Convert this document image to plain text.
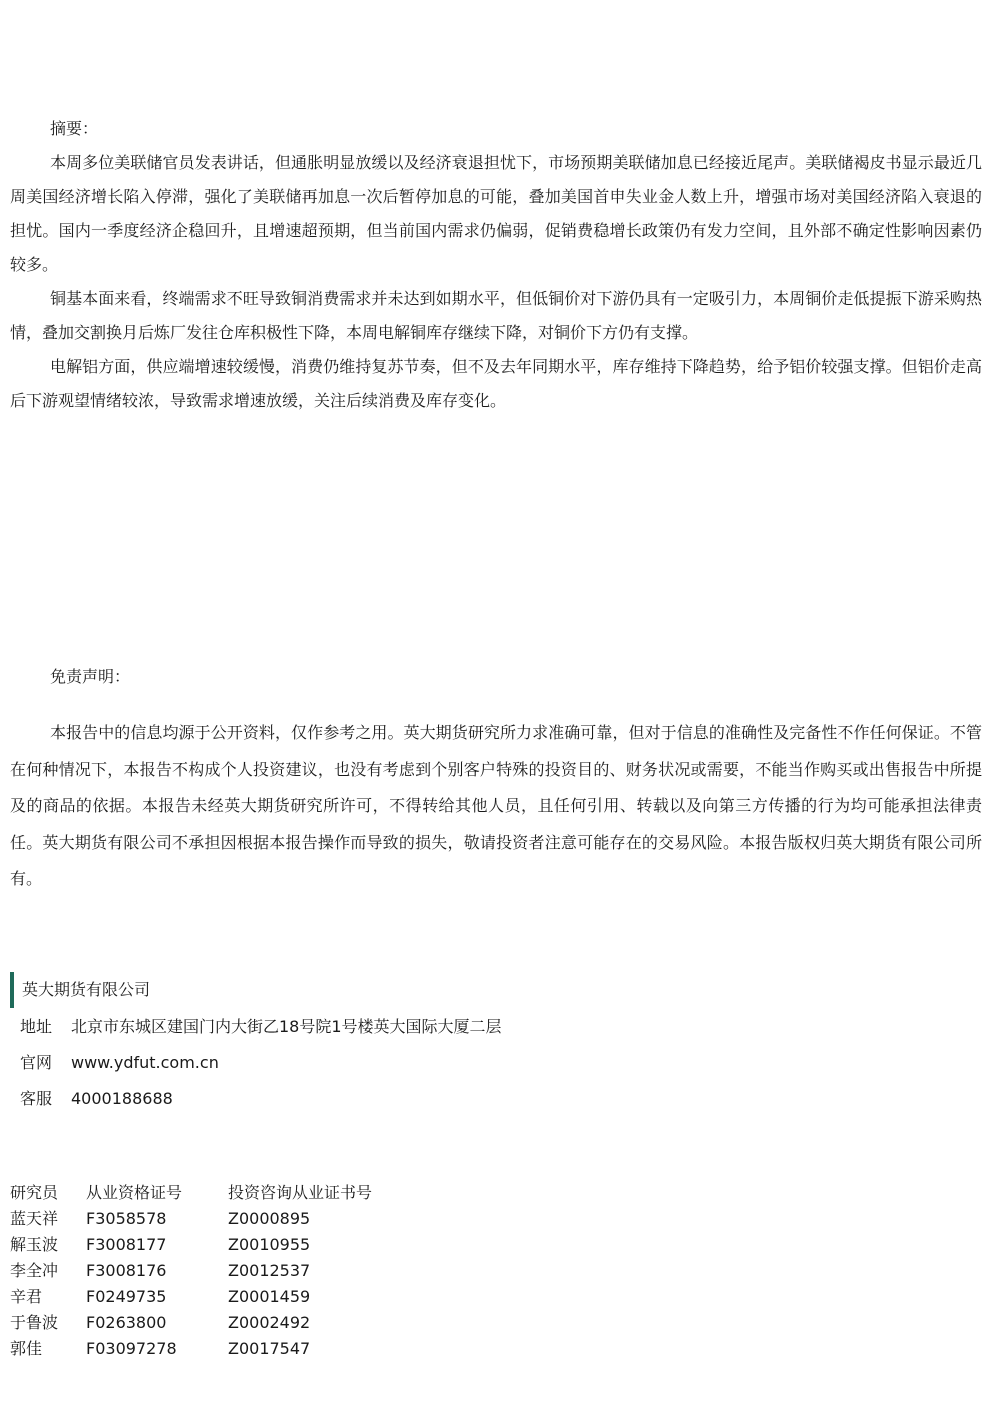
摘要：

本周多位美联储官员发表讲话，但通胀明显放缓以及经济衰退担忧下，市场预期美联储加息已经接近尾声。美联储褐皮书显示最近几周美国经济增长陷入停滞，强化了美联储再加息一次后暂停加息的可能，叠加美国首申失业金人数上升，增强市场对美国经济陷入衰退的担忧。国内一季度经济企稳回升，且增速超预期，但当前国内需求仍偏弱，促销费稳增长政策仍有发力空间，且外部不确定性影响因素仍较多。

铜基本面来看，终端需求不旺导致铜消费需求并未达到如期水平，但低铜价对下游仍具有一定吸引力，本周铜价走低提振下游采购热情，叠加交割换月后炼厂发往仓库积极性下降，本周电解铜库存继续下降，对铜价下方仍有支撑。

电解铝方面，供应端增速较缓慢，消费仍维持复苏节奏，但不及去年同期水平，库存维持下降趋势，给予铝价较强支撑。但铝价走高后下游观望情绪较浓，导致需求增速放缓，关注后续消费及库存变化。

免责声明：

本报告中的信息均源于公开资料，仅作参考之用。英大期货研究所力求准确可靠，但对于信息的准确性及完备性不作任何保证。不管在何种情况下，本报告不构成个人投资建议，也没有考虑到个别客户特殊的投资目的、财务状况或需要，不能当作购买或出售报告中所提及的商品的依据。本报告未经英大期货研究所许可，不得转给其他人员，且任何引用、转载以及向第三方传播的行为均可能承担法律责任。英大期货有限公司不承担因根据本报告操作而导致的损失，敬请投资者注意可能存在的交易风险。本报告版权归英大期货有限公司所有。

英大期货有限公司
地址	北京市东城区建国门内大街乙18号院1号楼英大国际大厦二层
官网	www.ydfut.com.cn
客服	4000188688
研究员	从业资格证号	投资咨询从业证书号
蓝天祥	F3058578	Z0000895
解玉波	F3008177	Z0010955
李全冲	F3008176	Z0012537
辛君	F0249735	Z0001459
于鲁波	F0263800	Z0002492
郭佳	F03097278	Z0017547
